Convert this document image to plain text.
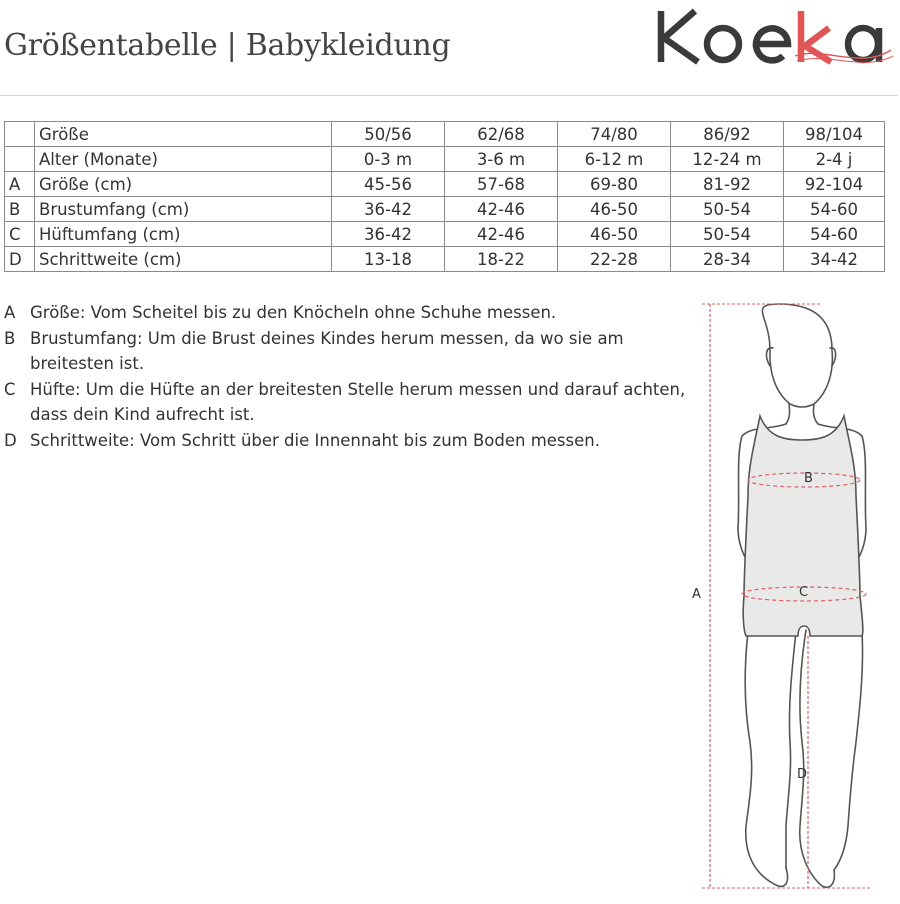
Größentabelle | Babykleidung
	Größe	50/56	62/68	74/80	86/92	98/104
	Alter (Monate)	0-3 m	3-6 m	6-12 m	12-24 m	2-4 j
A	Größe (cm)	45-56	57-68	69-80	81-92	92-104
B	Brustumfang (cm)	36-42	42-46	46-50	50-54	54-60
C	Hüftumfang (cm)	36-42	42-46	46-50	50-54	54-60
D	Schrittweite (cm)	13-18	18-22	22-28	28-34	34-42
A Größe: Vom Scheitel bis zu den Knöcheln ohne Schuhe messen.
B Brustumfang: Um die Brust deines Kindes herum messen, da wo sie am breitesten ist.
C Hüfte: Um die Hüfte an der breitesten Stelle herum messen und darauf achten, dass dein Kind aufrecht ist.
D Schrittweite: Vom Schritt über die Innennaht bis zum Boden messen.
B
C
A
D
